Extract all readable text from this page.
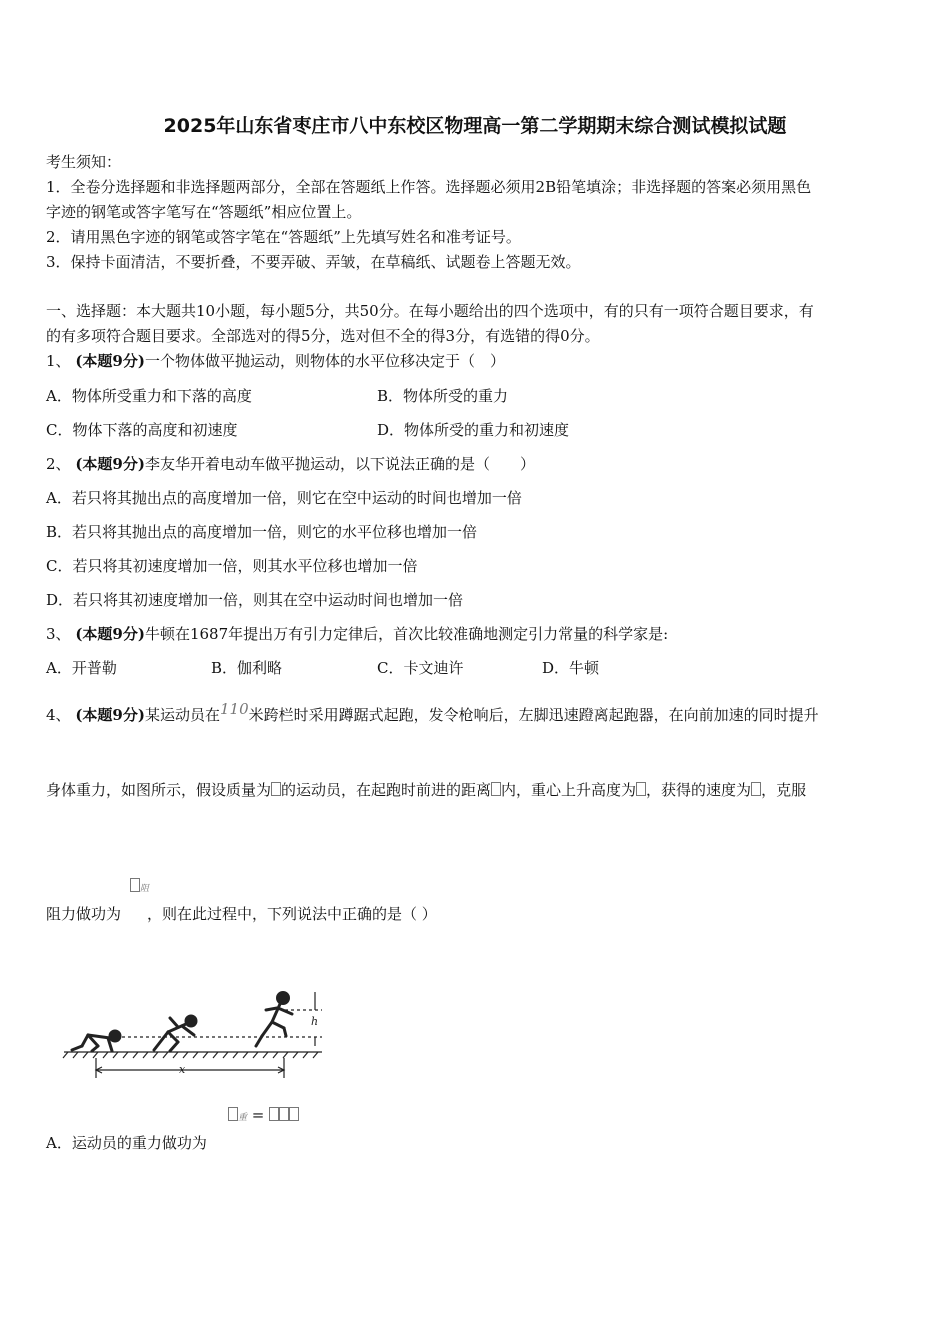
2025年山东省枣庄市八中东校区物理高一第二学期期末综合测试模拟试题
考生须知：
1．全卷分选择题和非选择题两部分，全部在答题纸上作答。选择题必须用2B铅笔填涂；非选择题的答案必须用黑色
字迹的钢笔或答字笔写在“答题纸”相应位置上。
2．请用黑色字迹的钢笔或答字笔在“答题纸”上先填写姓名和准考证号。
3．保持卡面清洁，不要折叠，不要弄破、弄皱，在草稿纸、试题卷上答题无效。
一、选择题：本大题共10小题，每小题5分，共50分。在每小题给出的四个选项中，有的只有一项符合题目要求，有
的有多项符合题目要求。全部选对的得5分，选对但不全的得3分，有选错的得0分。
1、 (本题9分)一个物体做平抛运动，则物体的水平位移决定于（　）
A．物体所受重力和下落的高度	B．物体所受的重力
C．物体下落的高度和初速度	D．物体所受的重力和初速度
2、 (本题9分)李友华开着电动车做平抛运动，以下说法正确的是（　　）
A．若只将其抛出点的高度增加一倍，则它在空中运动的时间也增加一倍
B．若只将其抛出点的高度增加一倍，则它的水平位移也增加一倍
C．若只将其初速度增加一倍，则其水平位移也增加一倍
D．若只将其初速度增加一倍，则其在空中运动时间也增加一倍
3、 (本题9分)牛顿在1687年提出万有引力定律后，首次比较准确地测定引力常量的科学家是:
A．开普勒	B．伽利略	C．卡文迪许	D．牛顿
4、 (本题9分)某运动员在110米跨栏时采用蹲踞式起跑，发令枪响后，左脚迅速蹬离起跑器，在向前加速的同时提升
身体重力，如图所示，假设质量为 的运动员，在起跑时前进的距离 内，重心上升高度为 ，获得的速度为 ，克服
阻
阻力做功为 ，则在此过程中，下列说法中正确的是（ ）
h
x
重 =
A．运动员的重力做功为
